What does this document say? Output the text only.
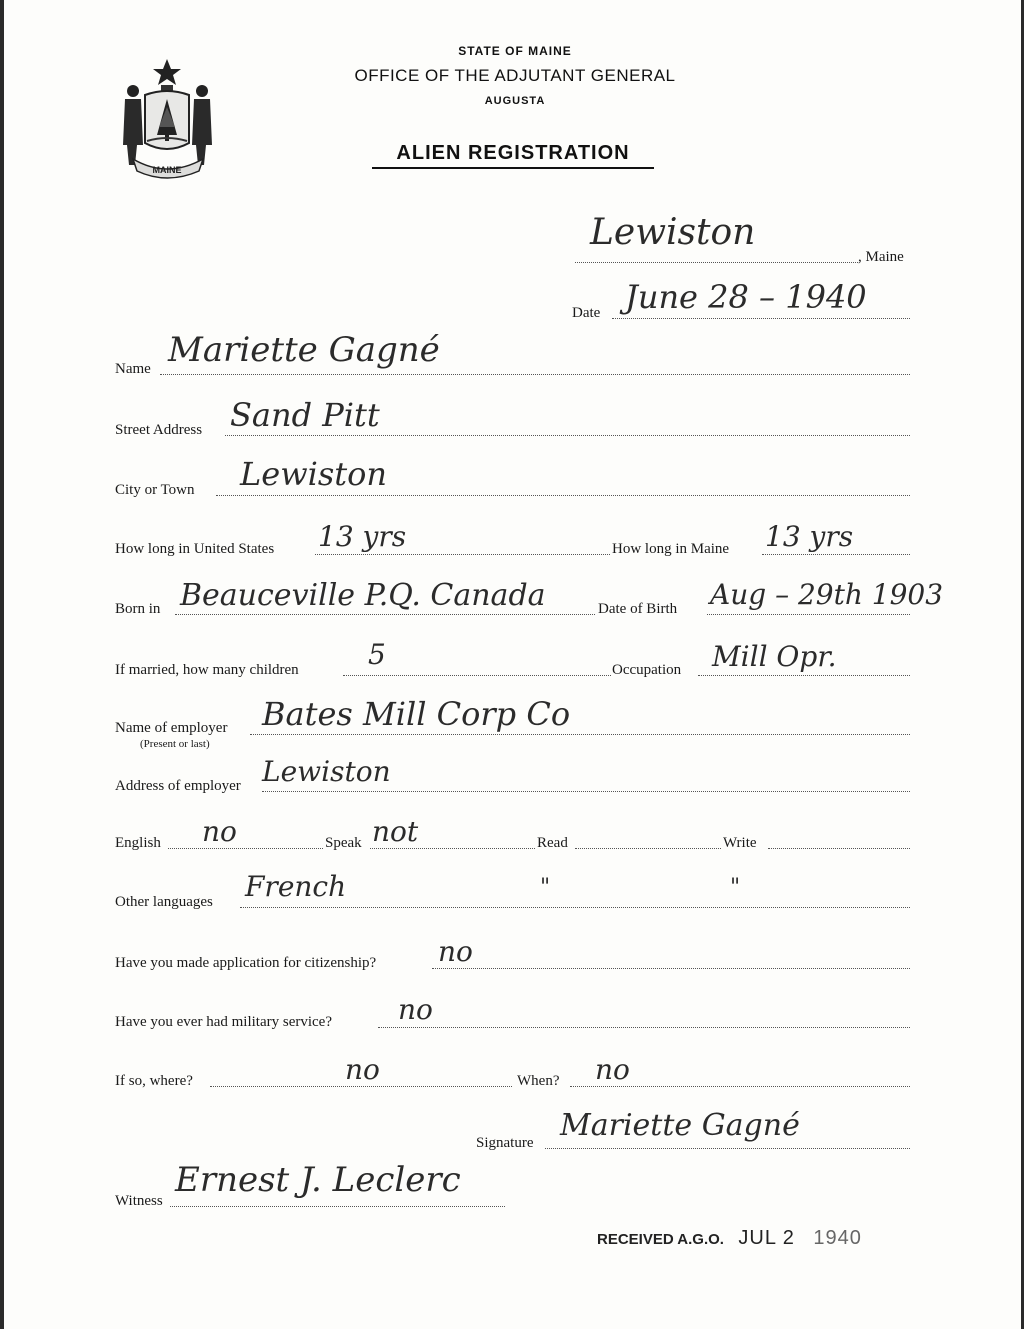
MAINE
STATE OF MAINE
OFFICE OF THE ADJUTANT GENERAL
AUGUSTA
ALIEN REGISTRATION
Lewiston
, Maine
Date June 28 – 1940
Name Mariette Gagné
Street Address Sand Pitt
City or Town Lewiston
How long in United States 13 yrs	How long in Maine 13 yrs
Born in Beauceville P.Q. Canada	Date of Birth Aug – 29th 1903
If married, how many children 5	Occupation Mill Opr.
Name of employer
(Present or last)
Bates Mill Corp Co
Address of employer Lewiston
English no	Speak not	Read	Write
Other languages French	"	"
Have you made application for citizenship? no
Have you ever had military service? no
If so, where?	no	When? no
Signature Mariette Gagné
Witness
Ernest J. Leclerc
RECEIVED A.G.O. JUL 2 1940
